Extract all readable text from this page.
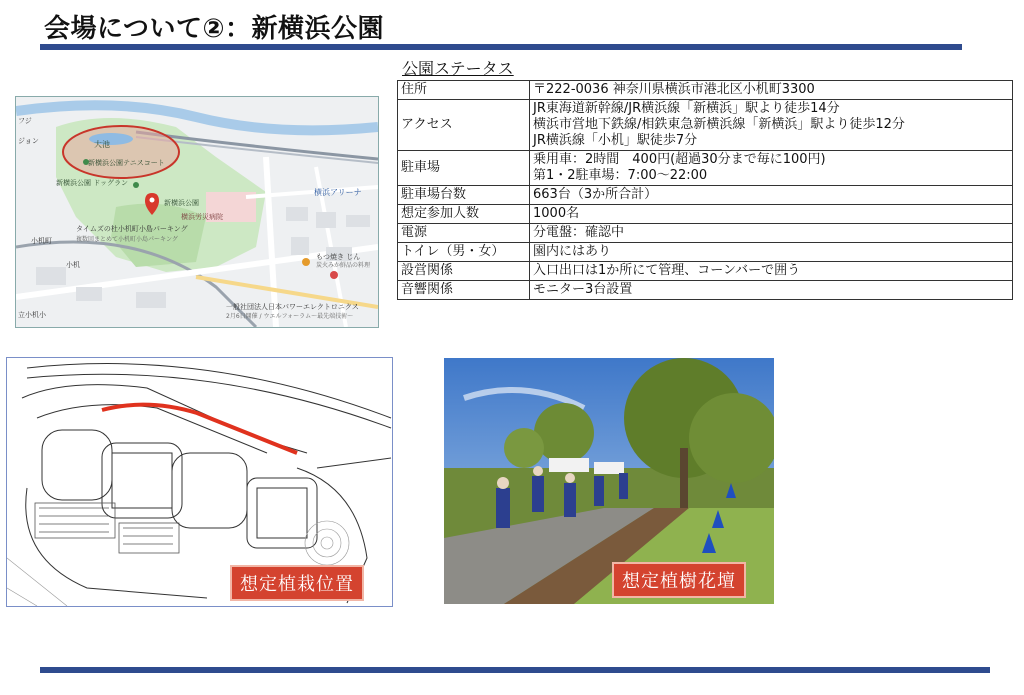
会場について②：新横浜公園
大池
新横浜公園テニスコート
新横浜公園
横浜労災病院
横浜アリーナ
新横浜公園 ドッグラン
タイムズの杜小机町小島パーキング
複数回まとめて小机町小島パーキング
小机町
小机
立小机小
フジ
ジョン
もつ焼き じん
炭火みか鮮品の料理
一般社団法人日本パワーエレクトロニクス
2月6日開催 / ウエルフォーラム〜最先端技術〜
公園ステータス
住所	〒222-0036 神奈川県横浜市港北区小机町3300

アクセス	JR東海道新幹線/JR横浜線「新横浜」駅より徒歩14分
横浜市営地下鉄線/相鉄東急新横浜線「新横浜」駅より徒歩12分
JR横浜線「小机」駅徒歩7分

駐車場	乗用車：2時間　400円(超過30分まで毎に100円)
第1・2駐車場：7:00～22:00

駐車場台数	663台（3か所合計）

想定参加人数	1000名

電源	分電盤：確認中

トイレ（男・女）	園内にはあり

設営関係	入口出口は1か所にて管理、コーンバーで囲う

音響関係	モニター3台設置
想定植栽位置	想定植樹花壇
